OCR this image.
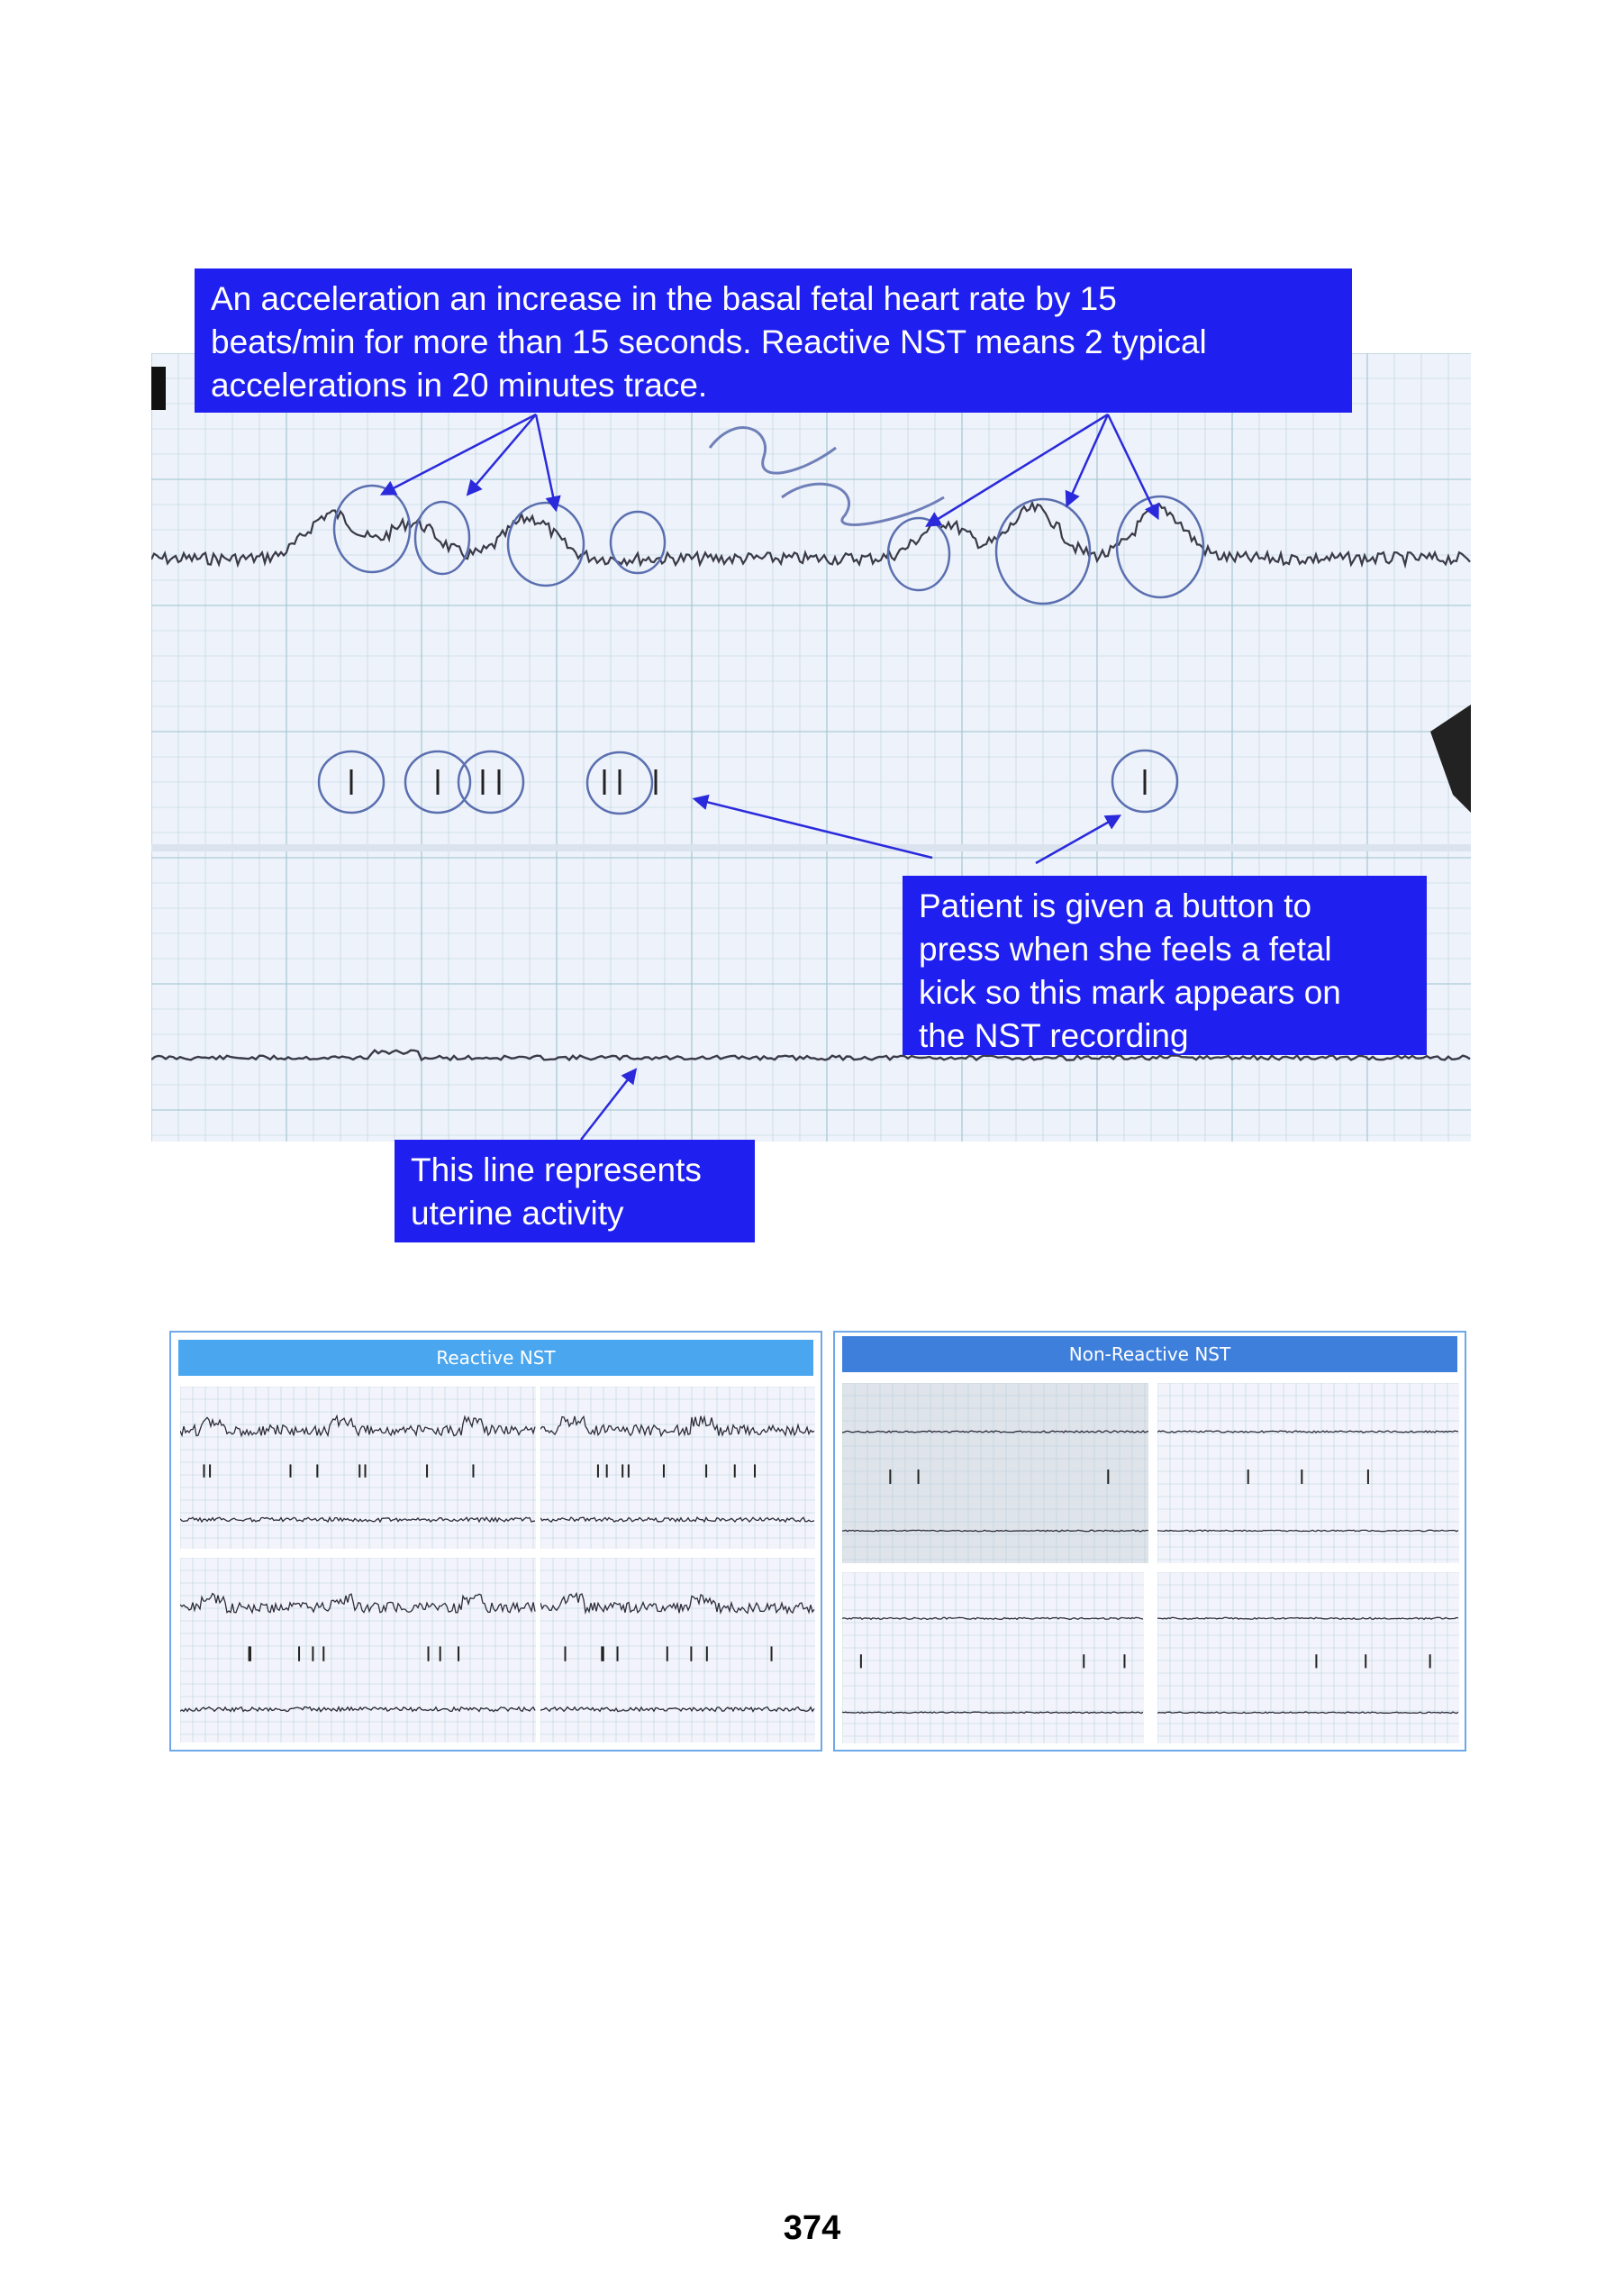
An acceleration an increase in the basal fetal heart rate by 15
beats/min for more than 15 seconds. Reactive NST means 2 typical
accelerations in 20 minutes trace.
Patient is given a button to
press when she feels a fetal
kick so this mark appears on
the NST recording
This line represents
uterine activity
Reactive NST	Non-Reactive NST
374
